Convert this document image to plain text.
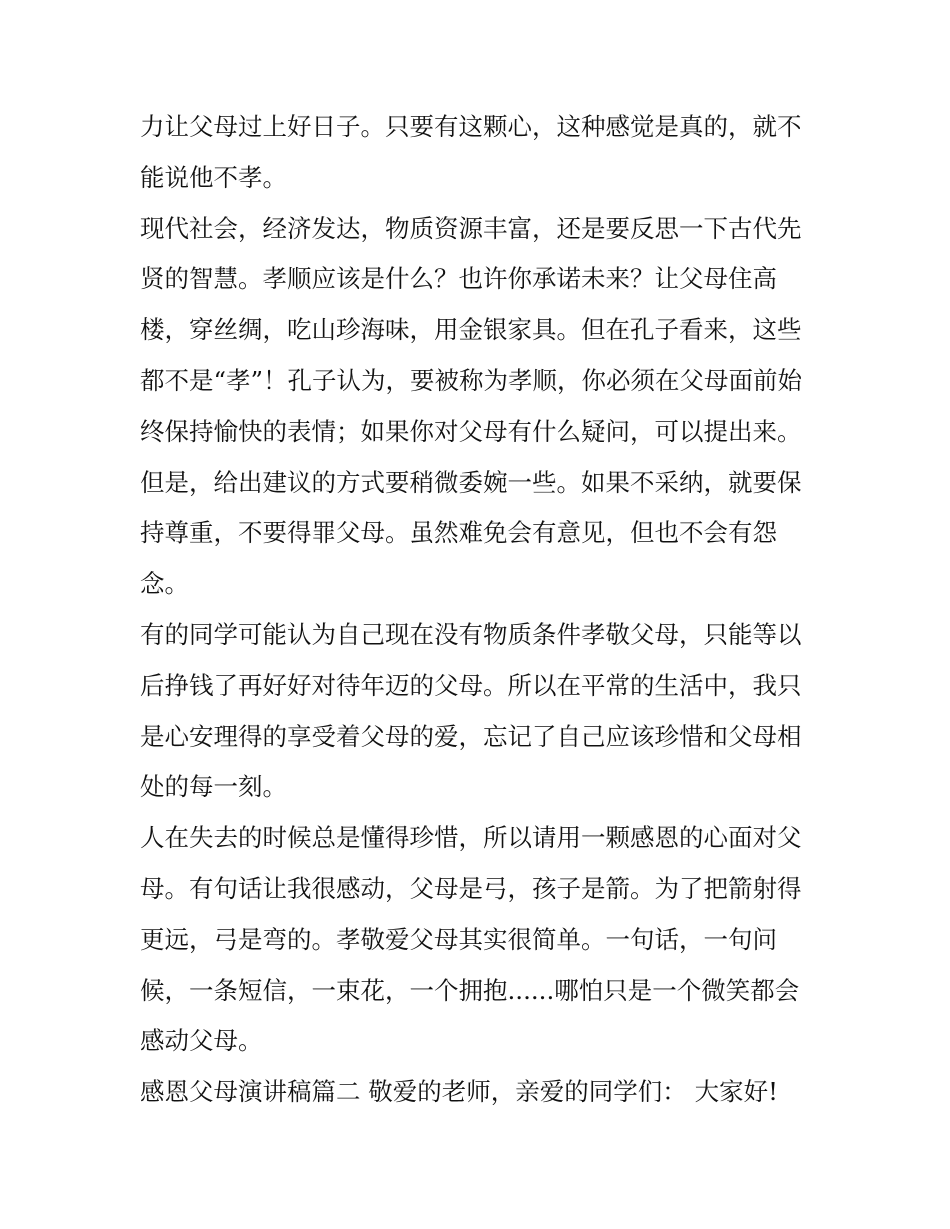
力让父母过上好日子。只要有这颗心，这种感觉是真的，就不
能说他不孝。
现代社会，经济发达，物质资源丰富，还是要反思一下古代先
贤的智慧。孝顺应该是什么？也许你承诺未来？让父母住高
楼，穿丝绸，吃山珍海味，用金银家具。但在孔子看来，这些
都不是“孝”！孔子认为，要被称为孝顺，你必须在父母面前始
终保持愉快的表情；如果你对父母有什么疑问，可以提出来。
但是，给出建议的方式要稍微委婉一些。如果不采纳，就要保
持尊重，不要得罪父母。虽然难免会有意见，但也不会有怨
念。
有的同学可能认为自己现在没有物质条件孝敬父母，只能等以
后挣钱了再好好对待年迈的父母。所以在平常的生活中，我只
是心安理得的享受着父母的爱，忘记了自己应该珍惜和父母相
处的每一刻。
人在失去的时候总是懂得珍惜，所以请用一颗感恩的心面对父
母。有句话让我很感动，父母是弓，孩子是箭。为了把箭射得
更远，弓是弯的。孝敬爱父母其实很简单。一句话，一句问
候，一条短信，一束花，一个拥抱......哪怕只是一个微笑都会
感动父母。
感恩父母演讲稿篇二 敬爱的老师，亲爱的同学们： 大家好!
